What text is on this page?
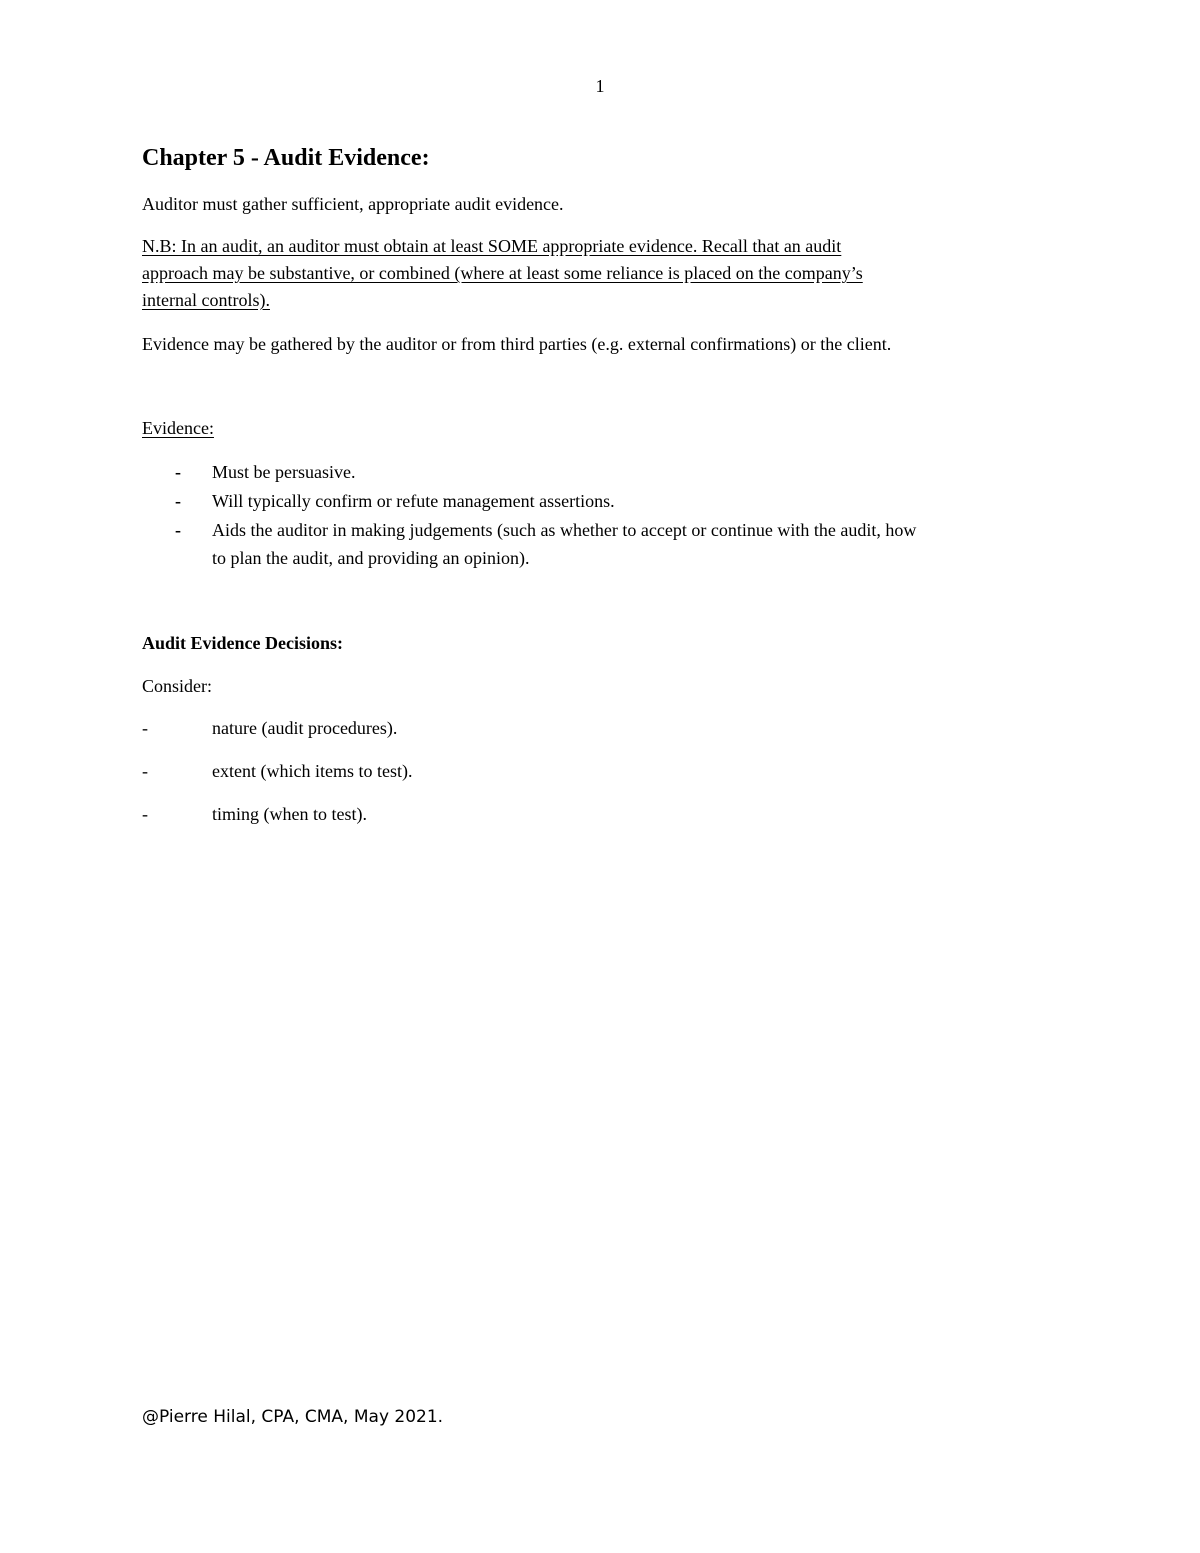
1
Chapter 5 - Audit Evidence:

Auditor must gather sufficient, appropriate audit evidence.

N.B: In an audit, an auditor must obtain at least SOME appropriate evidence. Recall that an audit
approach may be substantive, or combined (where at least some reliance is placed on the company’s
internal controls).

Evidence may be gathered by the auditor or from third parties (e.g. external confirmations) or the client.

Evidence:

- Must be persuasive.
- Will typically confirm or refute management assertions.
- Aids the auditor in making judgements (such as whether to accept or continue with the audit, how
to plan the audit, and providing an opinion).

Audit Evidence Decisions:

Consider:

-	nature (audit procedures).
-	extent (which items to test).
-	timing (when to test).

@Pierre Hilal, CPA, CMA, May 2021.
